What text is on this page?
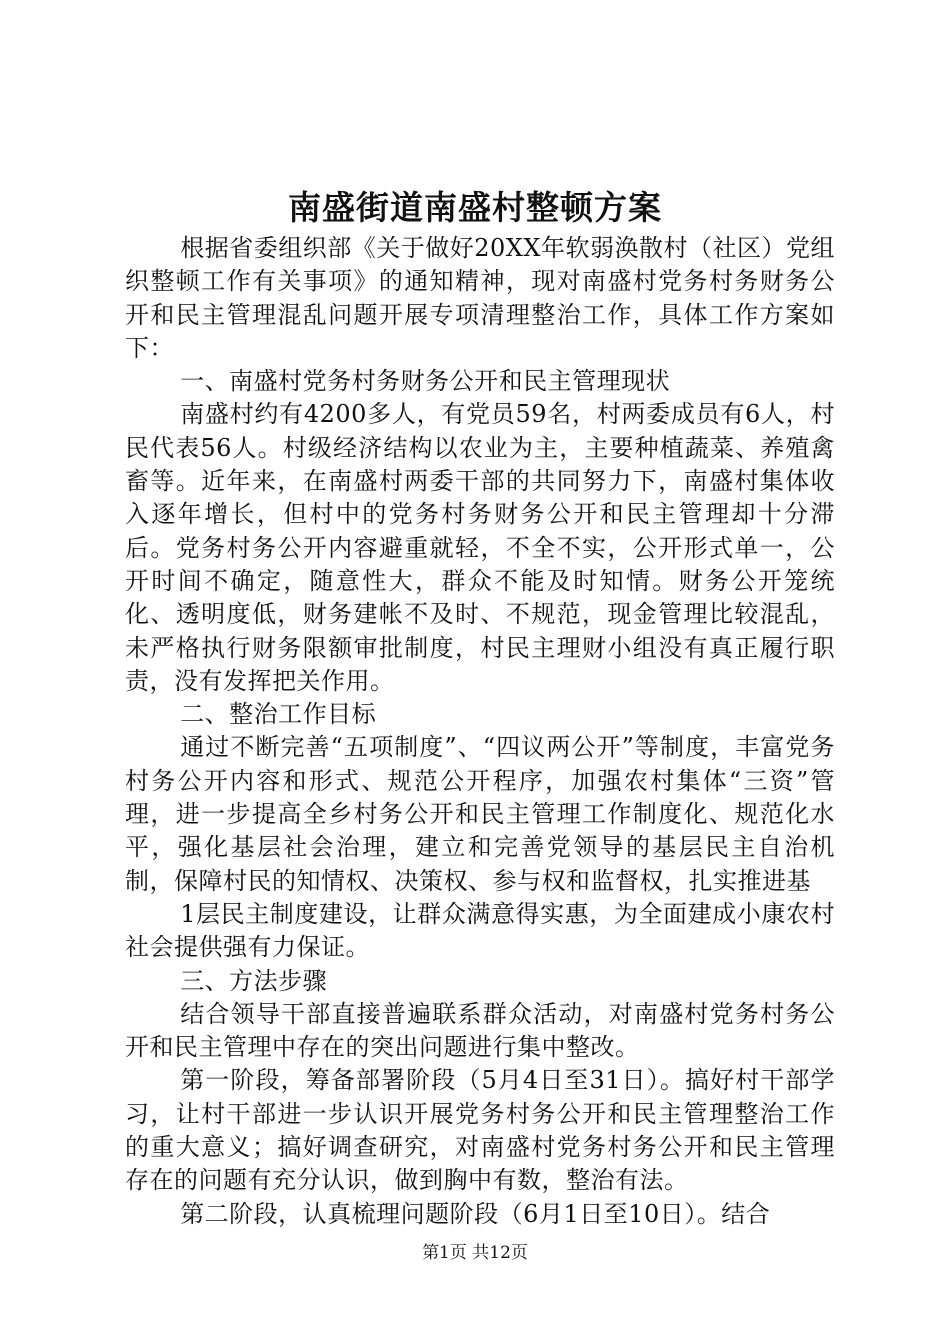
南盛街道南盛村整顿方案

根据省委组织部《关于做好20XX年软弱涣散村（社区）党组织整顿工作有关事项》的通知精神，现对南盛村党务村务财务公开和民主管理混乱问题开展专项清理整治工作，具体工作方案如下：

一、南盛村党务村务财务公开和民主管理现状

南盛村约有4200多人，有党员59名，村两委成员有6人，村民代表56人。村级经济结构以农业为主，主要种植蔬菜、养殖禽畜等。近年来，在南盛村两委干部的共同努力下，南盛村集体收入逐年增长，但村中的党务村务财务公开和民主管理却十分滞后。党务村务公开内容避重就轻，不全不实，公开形式单一，公开时间不确定，随意性大，群众不能及时知情。财务公开笼统化、透明度低，财务建帐不及时、不规范，现金管理比较混乱，未严格执行财务限额审批制度，村民主理财小组没有真正履行职责，没有发挥把关作用。

二、整治工作目标

通过不断完善“五项制度”、“四议两公开”等制度，丰富党务村务公开内容和形式、规范公开程序，加强农村集体“三资”管理，进一步提高全乡村务公开和民主管理工作制度化、规范化水平，强化基层社会治理，建立和完善党领导的基层民主自治机制，保障村民的知情权、决策权、参与权和监督权，扎实推进基

1层民主制度建设，让群众满意得实惠，为全面建成小康农村社会提供强有力保证。

三、方法步骤

结合领导干部直接普遍联系群众活动，对南盛村党务村务公开和民主管理中存在的突出问题进行集中整改。

第一阶段，筹备部署阶段（5月4日至31日）。搞好村干部学习，让村干部进一步认识开展党务村务公开和民主管理整治工作的重大意义；搞好调查研究，对南盛村党务村务公开和民主管理存在的问题有充分认识，做到胸中有数，整治有法。

第二阶段，认真梳理问题阶段（6月1日至10日）。结合

第1页 共12页
